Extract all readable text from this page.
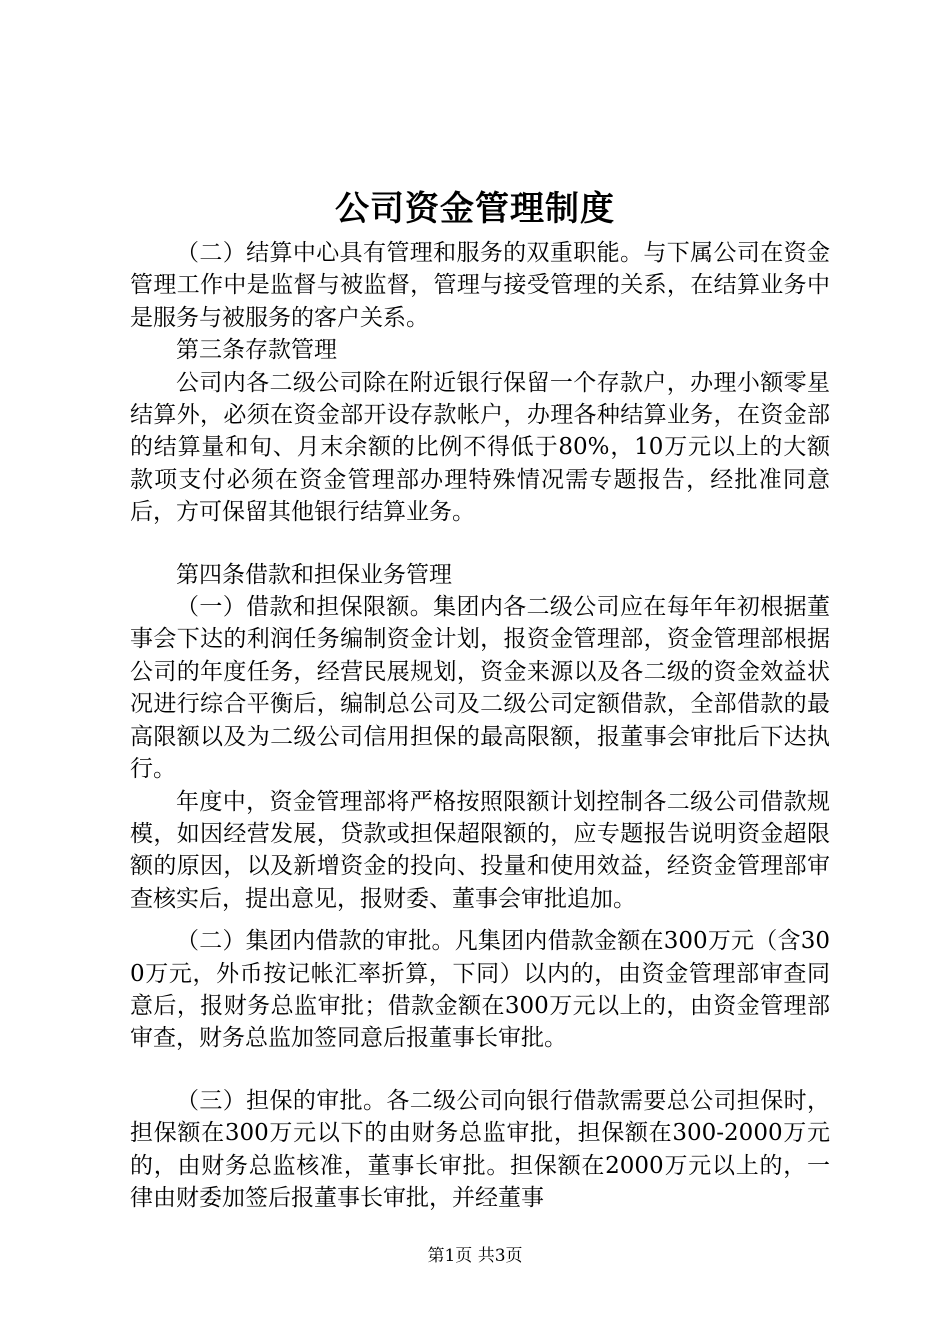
公司资金管理制度

（二）结算中心具有管理和服务的双重职能。与下属公司在资金管理工作中是监督与被监督，管理与接受管理的关系，在结算业务中是服务与被服务的客户关系。

第三条存款管理

公司内各二级公司除在附近银行保留一个存款户，办理小额零星结算外，必须在资金部开设存款帐户，办理各种结算业务，在资金部的结算量和旬、月末余额的比例不得低于80%，10万元以上的大额款项支付必须在资金管理部办理特殊情况需专题报告，经批准同意后，方可保留其他银行结算业务。

第四条借款和担保业务管理

（一）借款和担保限额。集团内各二级公司应在每年年初根据董事会下达的利润任务编制资金计划，报资金管理部，资金管理部根据公司的年度任务，经营民展规划，资金来源以及各二级的资金效益状况进行综合平衡后，编制总公司及二级公司定额借款，全部借款的最高限额以及为二级公司信用担保的最高限额，报董事会审批后下达执行。

年度中，资金管理部将严格按照限额计划控制各二级公司借款规模，如因经营发展，贷款或担保超限额的，应专题报告说明资金超限额的原因，以及新增资金的投向、投量和使用效益，经资金管理部审查核实后，提出意见，报财委、董事会审批追加。

（二）集团内借款的审批。凡集团内借款金额在300万元（含300万元，外币按记帐汇率折算，下同）以内的，由资金管理部审查同意后，报财务总监审批；借款金额在300万元以上的，由资金管理部审查，财务总监加签同意后报董事长审批。

（三）担保的审批。各二级公司向银行借款需要总公司担保时，担保额在300万元以下的由财务总监审批，担保额在300-2000万元的，由财务总监核准，董事长审批。担保额在2000万元以上的，一律由财委加签后报董事长审批，并经董事

第1页 共3页
